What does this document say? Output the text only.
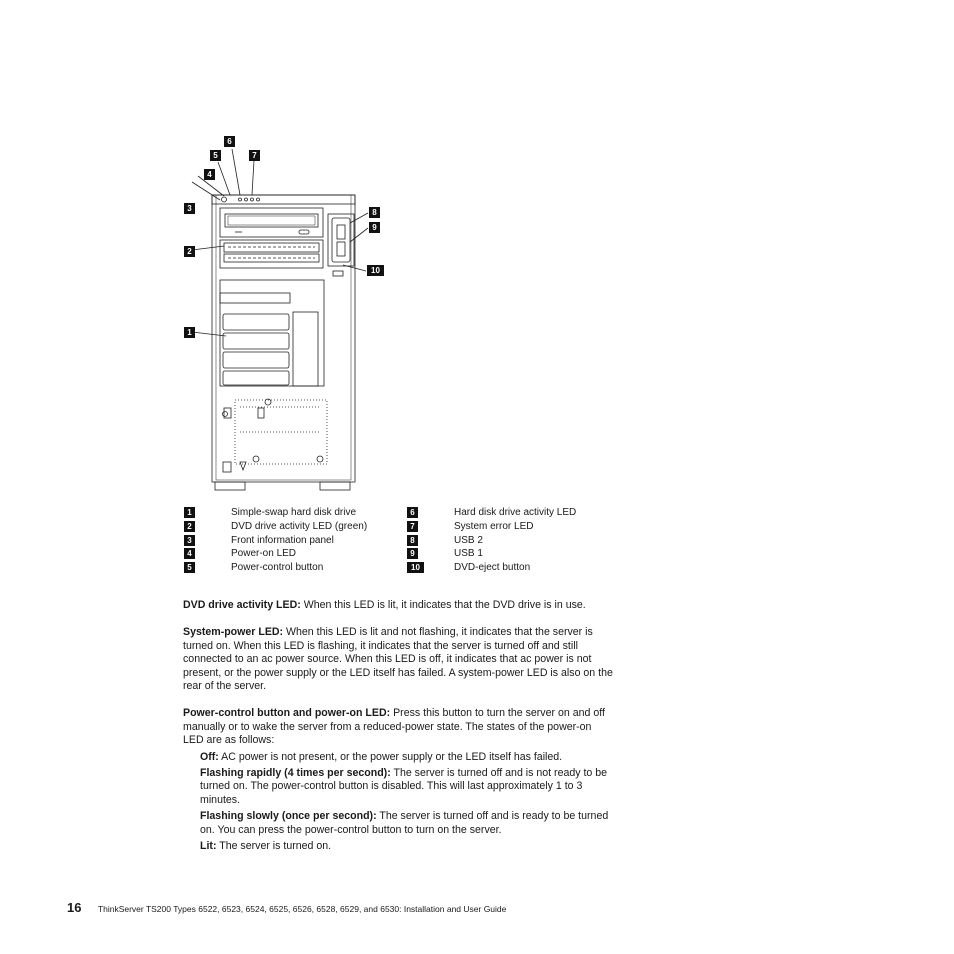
6
5	7
4
3
2
1
8
9
10
1	Simple-swap hard disk drive
2	DVD drive activity LED (green)
3	Front information panel
4	Power-on LED
5	Power-control button
6	Hard disk drive activity LED
7	System error LED
8	USB 2
9	USB 1
10	DVD-eject button

DVD drive activity LED: When this LED is lit, it indicates that the DVD drive is in use.

System-power LED: When this LED is lit and not flashing, it indicates that the server is turned on. When this LED is flashing, it indicates that the server is turned off and still connected to an ac power source. When this LED is off, it indicates that ac power is not present, or the power supply or the LED itself has failed. A system-power LED is also on the rear of the server.

Power-control button and power-on LED: Press this button to turn the server on and off manually or to wake the server from a reduced-power state. The states of the power-on LED are as follows:

Off: AC power is not present, or the power supply or the LED itself has failed.

Flashing rapidly (4 times per second): The server is turned off and is not ready to be turned on. The power-control button is disabled. This will last approximately 1 to 3 minutes.

Flashing slowly (once per second): The server is turned off and is ready to be turned on. You can press the power-control button to turn on the server.

Lit: The server is turned on.

16 ThinkServer TS200 Types 6522, 6523, 6524, 6525, 6526, 6528, 6529, and 6530: Installation and User Guide
